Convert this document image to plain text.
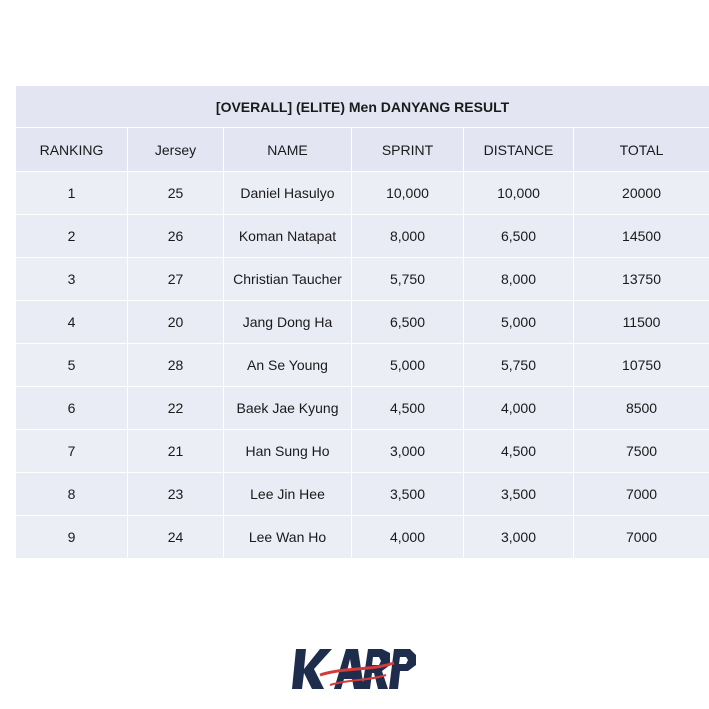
[OVERALL] (ELITE) Men DANYANG RESULT					
RANKING	Jersey	NAME	SPRINT	DISTANCE	TOTAL
1	25	Daniel Hasulyo	10,000	10,000	20000
2	26	Koman Natapat	8,000	6,500	14500
3	27	Christian Taucher	5,750	8,000	13750
4	20	Jang Dong Ha	6,500	5,000	11500
5	28	An Se Young	5,000	5,750	10750
6	22	Baek Jae Kyung	4,500	4,000	8500
7	21	Han Sung Ho	3,000	4,500	7500
8	23	Lee Jin Hee	3,500	3,500	7000
9	24	Lee Wan Ho	4,000	3,000	7000
